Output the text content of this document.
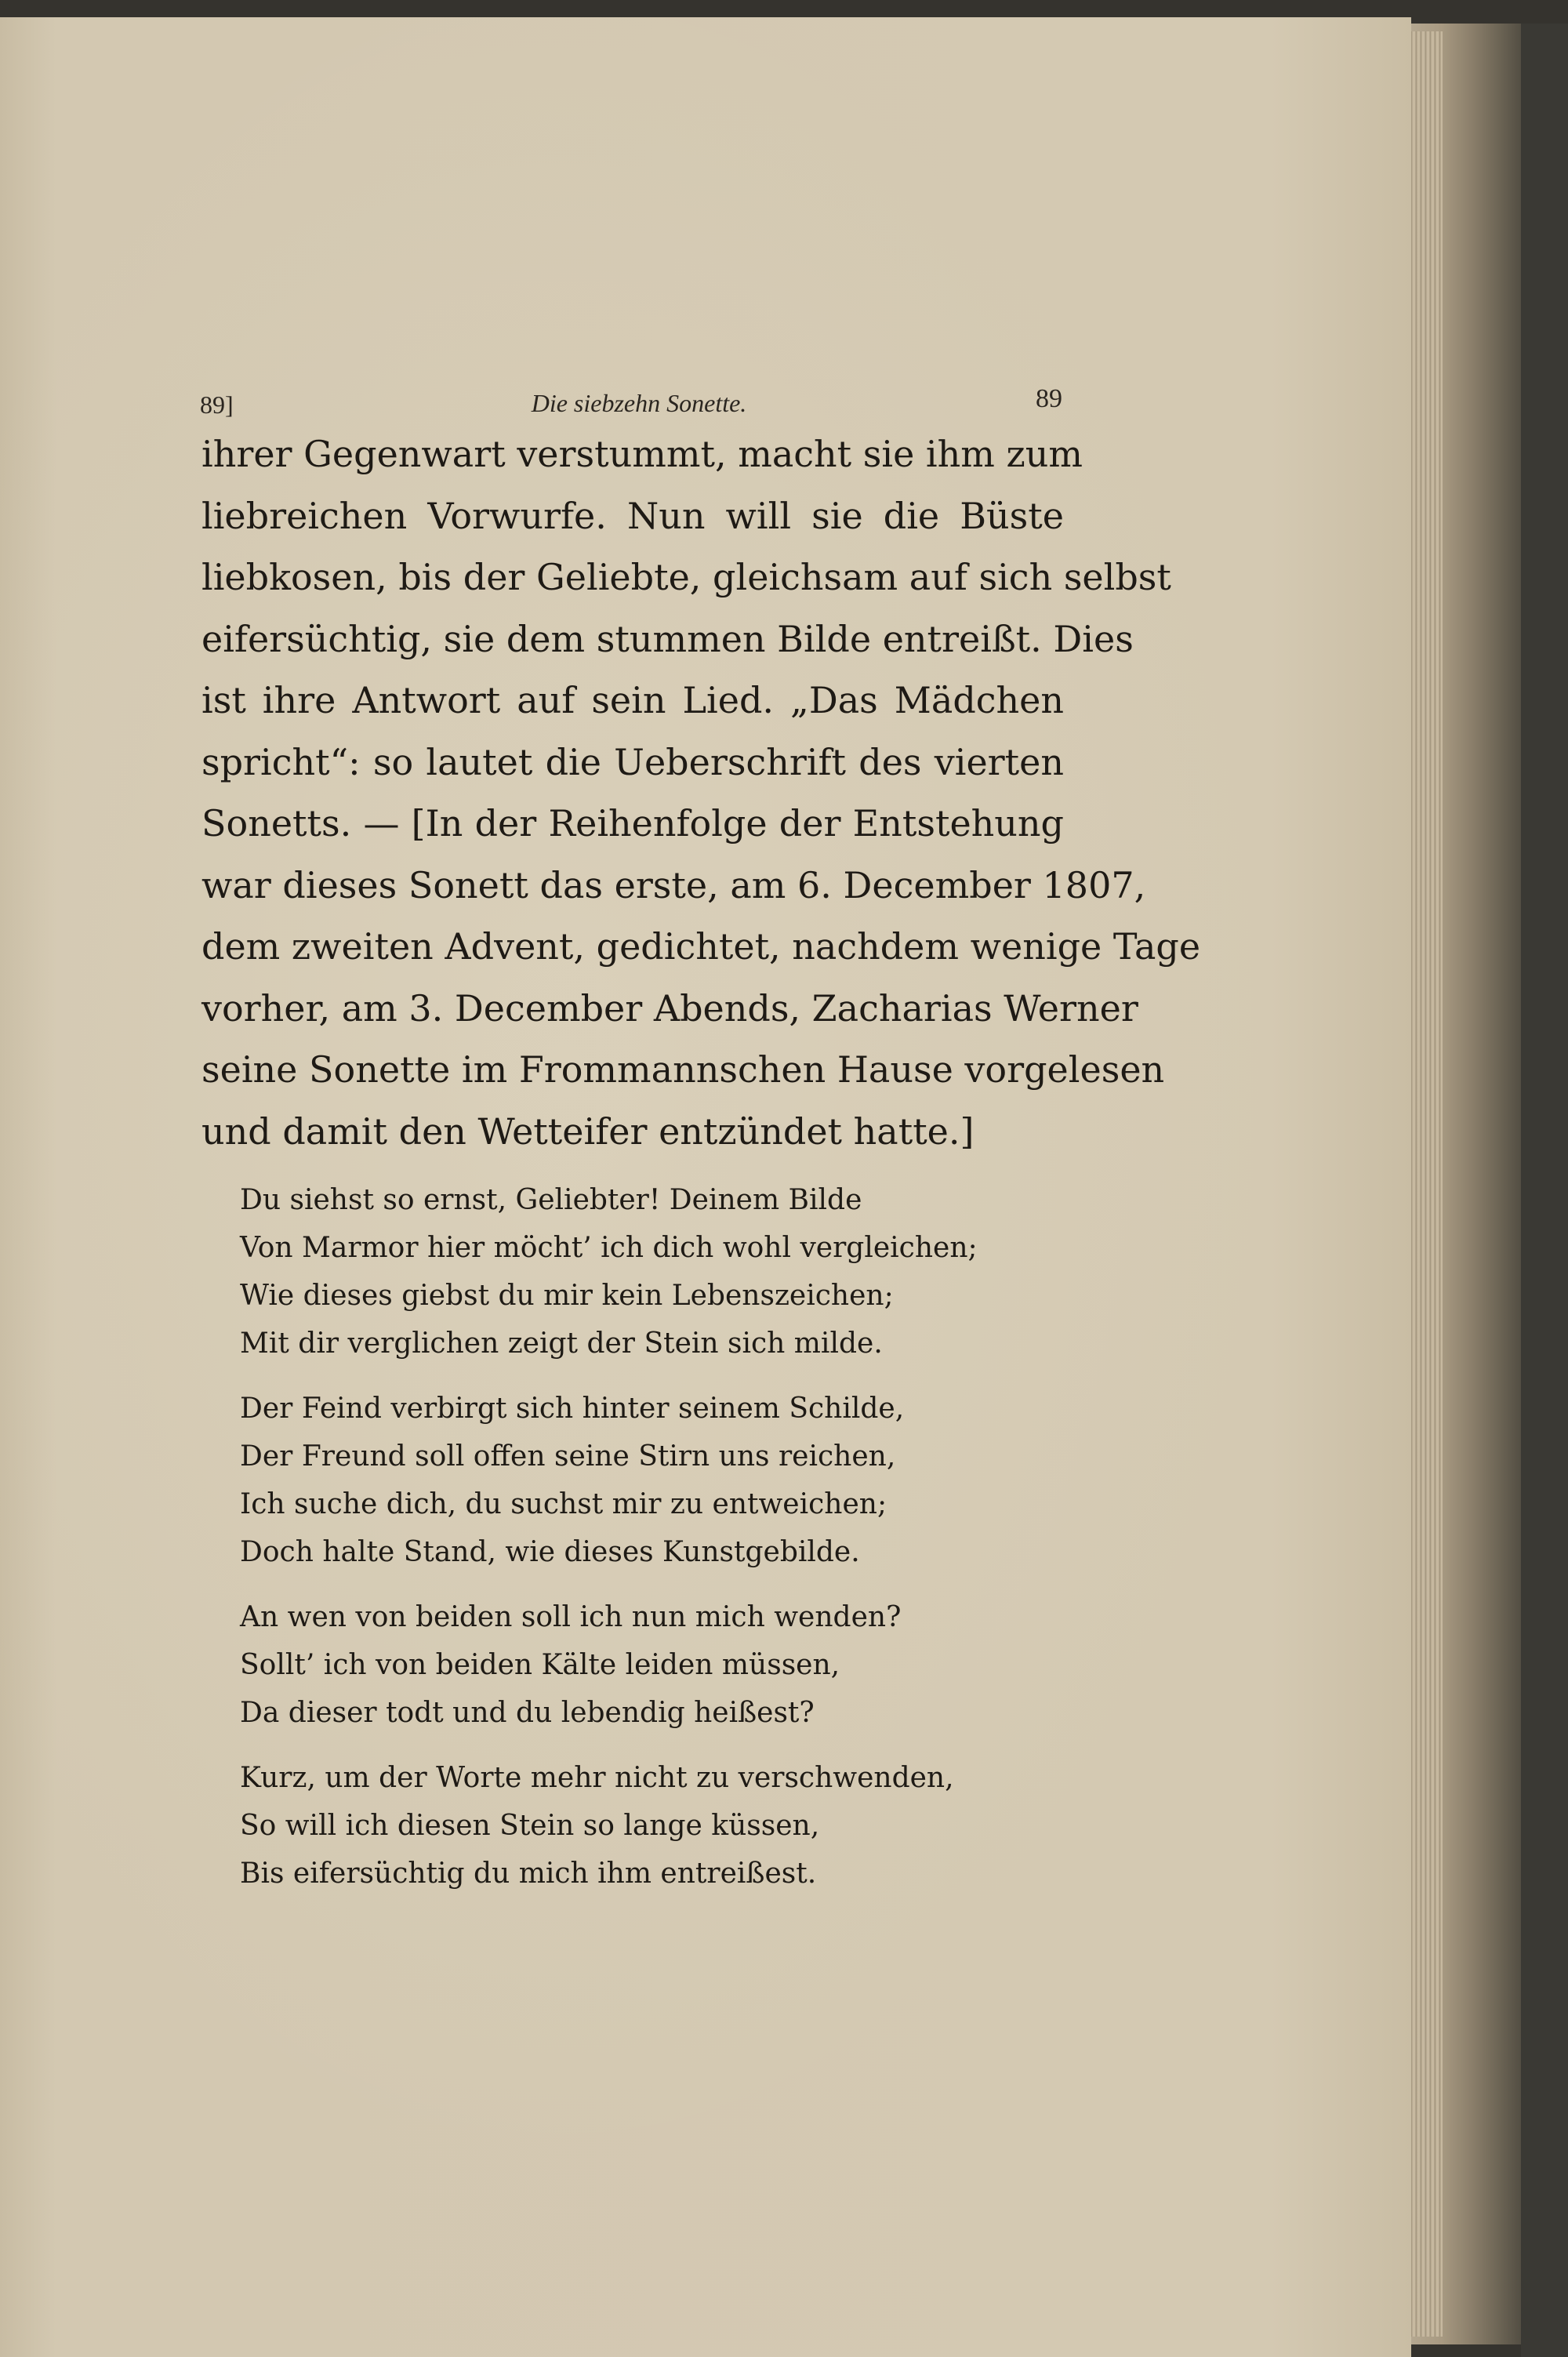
89]	Die siebzehn Sonette.	89
ihrer Gegenwart verstummt, macht sie ihm zum
liebreichen Vorwurfe. Nun will sie die Büste
liebkosen, bis der Geliebte, gleichsam auf sich selbst
eifersüchtig, sie dem stummen Bilde entreißt. Dies
ist ihre Antwort auf sein Lied. „Das Mädchen
spricht“: so lautet die Ueberschrift des vierten
Sonetts. — [In der Reihenfolge der Entstehung
war dieses Sonett das erste, am 6. December 1807,
dem zweiten Advent, gedichtet, nachdem wenige Tage
vorher, am 3. December Abends, Zacharias Werner
seine Sonette im Frommannschen Hause vorgelesen
und damit den Wetteifer entzündet hatte.]
Du siehst so ernst, Geliebter! Deinem Bilde
Von Marmor hier möcht’ ich dich wohl vergleichen;
Wie dieses giebst du mir kein Lebenszeichen;
Mit dir verglichen zeigt der Stein sich milde.
Der Feind verbirgt sich hinter seinem Schilde,
Der Freund soll offen seine Stirn uns reichen,
Ich suche dich, du suchst mir zu entweichen;
Doch halte Stand, wie dieses Kunstgebilde.
An wen von beiden soll ich nun mich wenden?
Sollt’ ich von beiden Kälte leiden müssen,
Da dieser todt und du lebendig heißest?
Kurz, um der Worte mehr nicht zu verschwenden,
So will ich diesen Stein so lange küssen,
Bis eifersüchtig du mich ihm entreißest.
